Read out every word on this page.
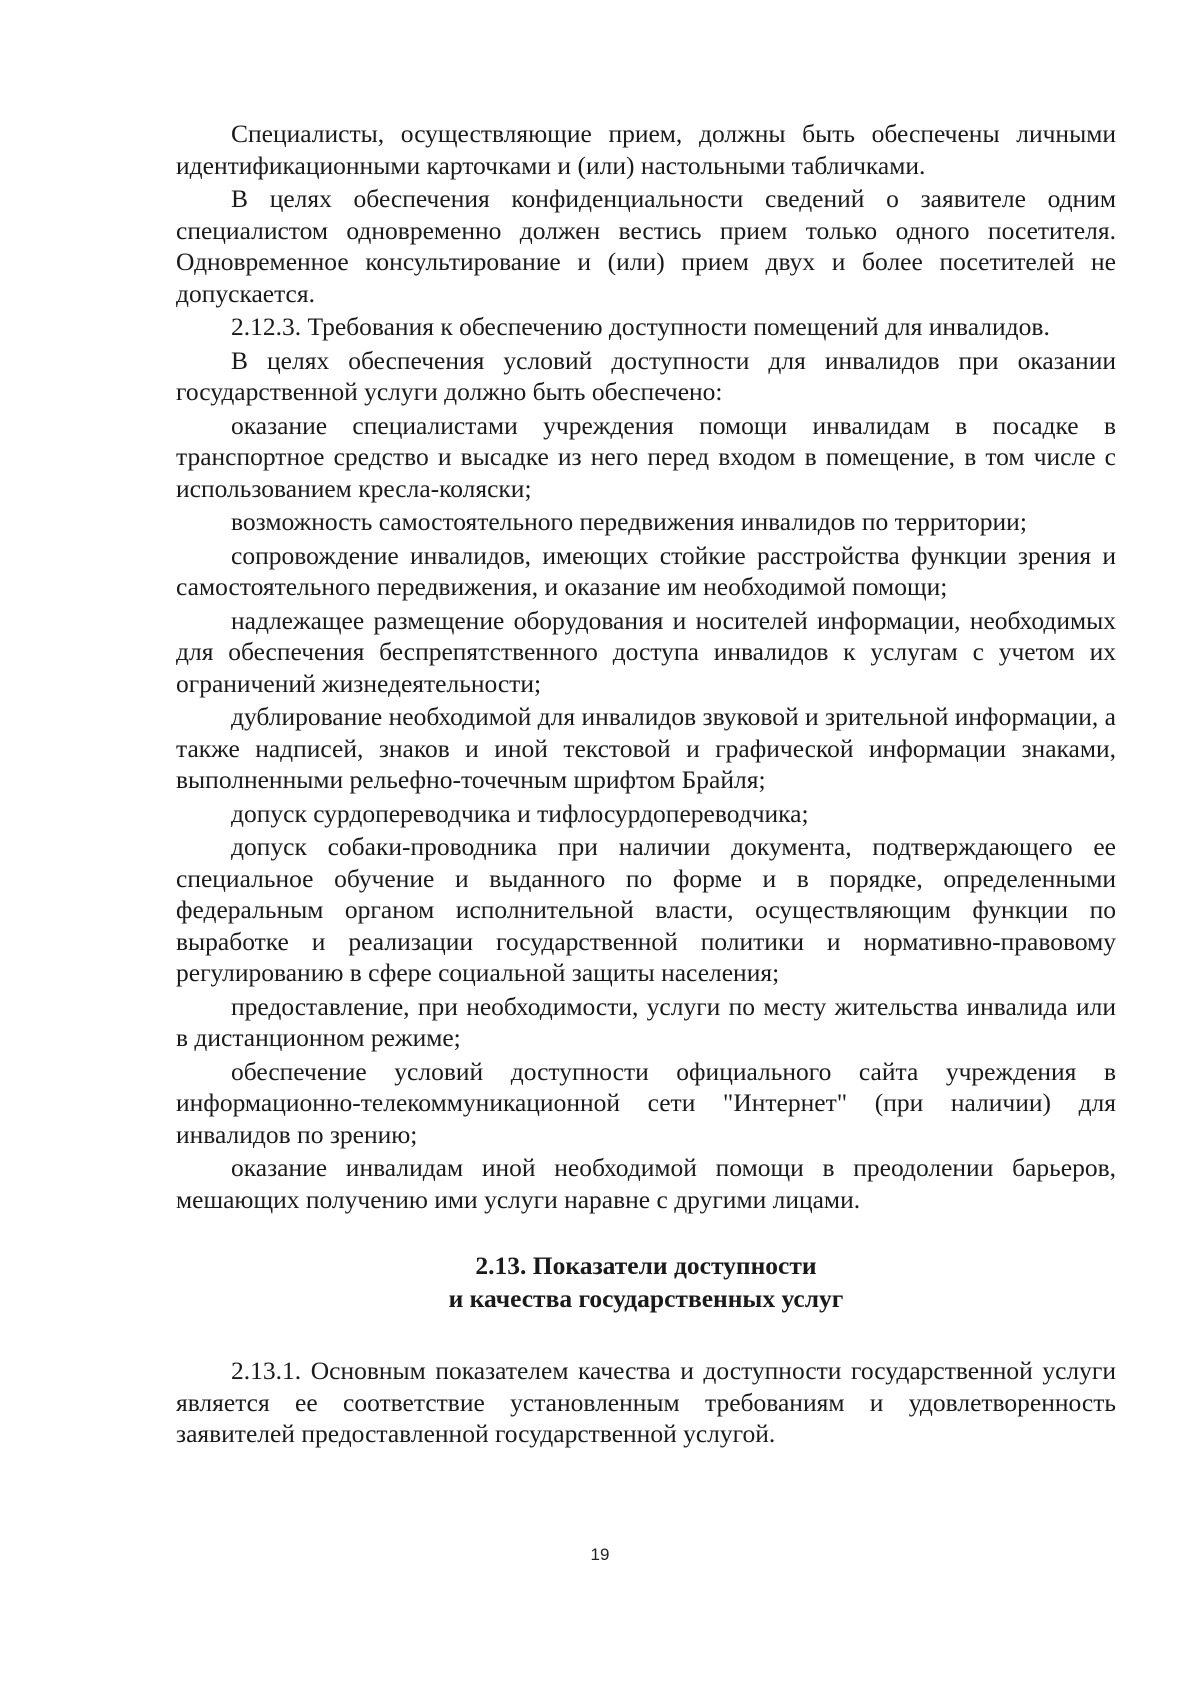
Специалисты, осуществляющие прием, должны быть обеспечены личными идентификационными карточками и (или) настольными табличками.

В целях обеспечения конфиденциальности сведений о заявителе одним специалистом одновременно должен вестись прием только одного посетителя. Одновременное консультирование и (или) прием двух и более посетителей не допускается.

2.12.3. Требования к обеспечению доступности помещений для инвалидов.

В целях обеспечения условий доступности для инвалидов при оказании государственной услуги должно быть обеспечено:

оказание специалистами учреждения помощи инвалидам в посадке в транспортное средство и высадке из него перед входом в помещение, в том числе с использованием кресла-коляски;

возможность самостоятельного передвижения инвалидов по территории;

сопровождение инвалидов, имеющих стойкие расстройства функции зрения и самостоятельного передвижения, и оказание им необходимой помощи;

надлежащее размещение оборудования и носителей информации, необходимых для обеспечения беспрепятственного доступа инвалидов к услугам с учетом их ограничений жизнедеятельности;

дублирование необходимой для инвалидов звуковой и зрительной информации, а также надписей, знаков и иной текстовой и графической информации знаками, выполненными рельефно-точечным шрифтом Брайля;

допуск сурдопереводчика и тифлосурдопереводчика;

допуск собаки-проводника при наличии документа, подтверждающего ее специальное обучение и выданного по форме и в порядке, определенными федеральным органом исполнительной власти, осуществляющим функции по выработке и реализации государственной политики и нормативно-правовому регулированию в сфере социальной защиты населения;

предоставление, при необходимости, услуги по месту жительства инвалида или в дистанционном режиме;

обеспечение условий доступности официального сайта учреждения в информационно-телекоммуникационной сети "Интернет" (при наличии) для инвалидов по зрению;

оказание инвалидам иной необходимой помощи в преодолении барьеров, мешающих получению ими услуги наравне с другими лицами.

2.13. Показатели доступности
и качества государственных услуг

2.13.1. Основным показателем качества и доступности государственной услуги является ее соответствие установленным требованиям и удовлетворенность заявителей предоставленной государственной услугой.

19
